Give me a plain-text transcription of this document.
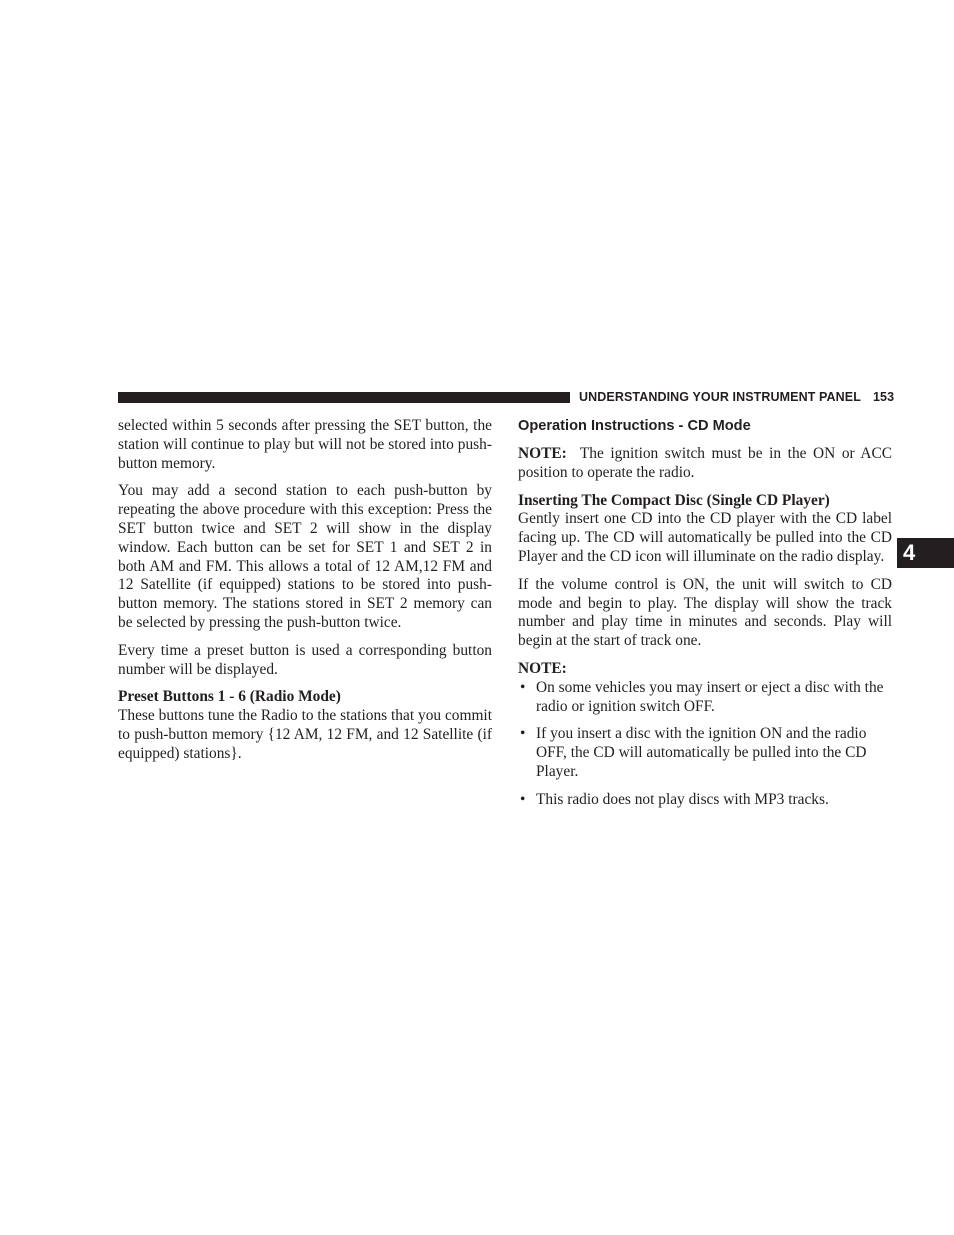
UNDERSTANDING YOUR INSTRUMENT PANEL 153
4

selected within 5 seconds after pressing the SET button, the station will continue to play but will not be stored into push-button memory.

You may add a second station to each push-button by repeating the above procedure with this exception: Press the SET button twice and SET 2 will show in the display window. Each button can be set for SET 1 and SET 2 in both AM and FM. This allows a total of 12 AM,12 FM and 12 Satellite (if equipped) stations to be stored into push-button memory. The stations stored in SET 2 memory can be selected by pressing the push-button twice.

Every time a preset button is used a corresponding button number will be displayed.

Preset Buttons 1 - 6 (Radio Mode)

These buttons tune the Radio to the stations that you commit to push-button memory {12 AM, 12 FM, and 12 Satellite (if equipped) stations}.

Operation Instructions - CD Mode

NOTE: The ignition switch must be in the ON or ACC position to operate the radio.

Inserting The Compact Disc (Single CD Player)

Gently insert one CD into the CD player with the CD label facing up. The CD will automatically be pulled into the CD Player and the CD icon will illuminate on the radio display.

If the volume control is ON, the unit will switch to CD mode and begin to play. The display will show the track number and play time in minutes and seconds. Play will begin at the start of track one.

NOTE:
• On some vehicles you may insert or eject a disc with the radio or ignition switch OFF.
• If you insert a disc with the ignition ON and the radio OFF, the CD will automatically be pulled into the CD Player.
• This radio does not play discs with MP3 tracks.
